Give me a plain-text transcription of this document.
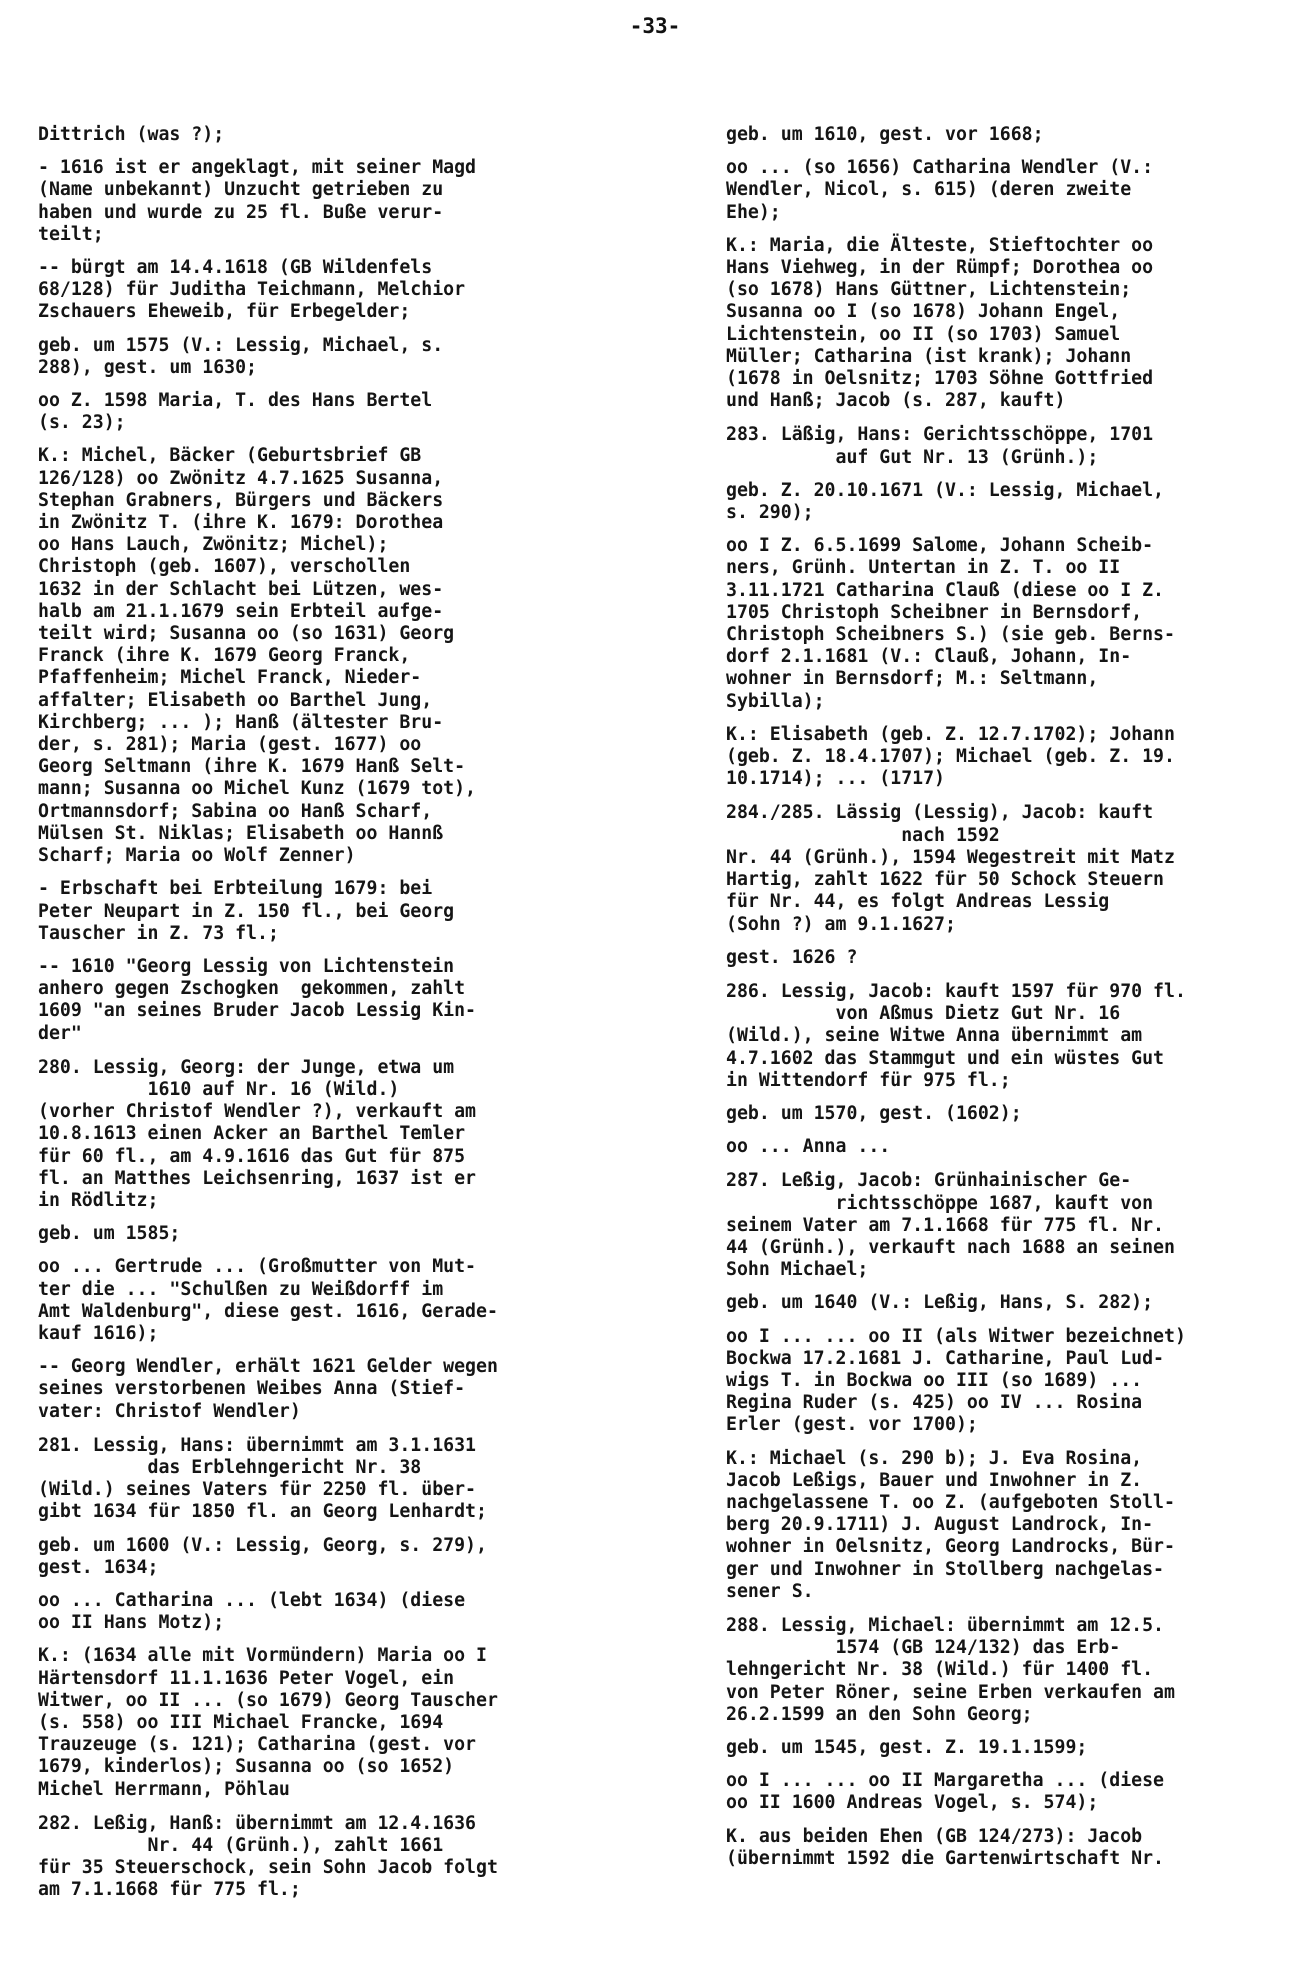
-33-

Dittrich (was ?);

- 1616 ist er angeklagt, mit seiner Magd
(Name unbekannt) Unzucht getrieben zu
haben und wurde zu 25 fl. Buße verur-
teilt;

-- bürgt am 14.4.1618 (GB Wildenfels
68/128) für Juditha Teichmann, Melchior
Zschauers Eheweib, für Erbegelder;

geb. um 1575 (V.: Lessig, Michael, s.
288), gest. um 1630;

oo Z. 1598 Maria, T. des Hans Bertel
(s. 23);

K.: Michel, Bäcker (Geburtsbrief GB
126/128) oo Zwönitz 4.7.1625 Susanna,
Stephan Grabners, Bürgers und Bäckers
in Zwönitz T. (ihre K. 1679: Dorothea
oo Hans Lauch, Zwönitz; Michel);
Christoph (geb. 1607), verschollen
1632 in der Schlacht bei Lützen, wes-
halb am 21.1.1679 sein Erbteil aufge-
teilt wird; Susanna oo (so 1631) Georg
Franck (ihre K. 1679 Georg Franck,
Pfaffenheim; Michel Franck, Nieder-
affalter; Elisabeth oo Barthel Jung,
Kirchberg; ... ); Hanß (ältester Bru-
der, s. 281); Maria (gest. 1677) oo
Georg Seltmann (ihre K. 1679 Hanß Selt-
mann; Susanna oo Michel Kunz (1679 tot),
Ortmannsdorf; Sabina oo Hanß Scharf,
Mülsen St. Niklas; Elisabeth oo Hannß
Scharf; Maria oo Wolf Zenner)

- Erbschaft bei Erbteilung 1679: bei
Peter Neupart in Z. 150 fl., bei Georg
Tauscher in Z. 73 fl.;

-- 1610 "Georg Lessig von Lichtenstein
anhero gegen Zschogken  gekommen, zahlt
1609 "an seines Bruder Jacob Lessig Kin-
der"

280. Lessig, Georg: der Junge, etwa um
1610 auf Nr. 16 (Wild.)
(vorher Christof Wendler ?), verkauft am
10.8.1613 einen Acker an Barthel Temler
für 60 fl., am 4.9.1616 das Gut für 875
fl. an Matthes Leichsenring, 1637 ist er
in Rödlitz;

geb. um 1585;

oo ... Gertrude ... (Großmutter von Mut-
ter die ... "Schulßen zu Weißdorff im
Amt Waldenburg", diese gest. 1616, Gerade-
kauf 1616);

-- Georg Wendler, erhält 1621 Gelder wegen
seines verstorbenen Weibes Anna (Stief-
vater: Christof Wendler)

281. Lessig, Hans: übernimmt am 3.1.1631
das Erblehngericht Nr. 38
(Wild.) seines Vaters für 2250 fl. über-
gibt 1634 für 1850 fl. an Georg Lenhardt;

geb. um 1600 (V.: Lessig, Georg, s. 279),
gest. 1634;

oo ... Catharina ... (lebt 1634) (diese
oo II Hans Motz);

K.: (1634 alle mit Vormündern) Maria oo I
Härtensdorf 11.1.1636 Peter Vogel, ein
Witwer, oo II ... (so 1679) Georg Tauscher
(s. 558) oo III Michael Francke, 1694
Trauzeuge (s. 121); Catharina (gest. vor
1679, kinderlos); Susanna oo (so 1652)
Michel Herrmann, Pöhlau

282. Leßig, Hanß: übernimmt am 12.4.1636
Nr. 44 (Grünh.), zahlt 1661
für 35 Steuerschock, sein Sohn Jacob folgt
am 7.1.1668 für 775 fl.;

geb. um 1610, gest. vor 1668;

oo ... (so 1656) Catharina Wendler (V.:
Wendler, Nicol, s. 615) (deren zweite
Ehe);

K.: Maria, die Älteste, Stieftochter oo
Hans Viehweg, in der Rümpf; Dorothea oo
(so 1678) Hans Güttner, Lichtenstein;
Susanna oo I (so 1678) Johann Engel,
Lichtenstein, oo II (so 1703) Samuel
Müller; Catharina (ist krank); Johann
(1678 in Oelsnitz; 1703 Söhne Gottfried
und Hanß; Jacob (s. 287, kauft)

283. Läßig, Hans: Gerichtsschöppe, 1701
auf Gut Nr. 13 (Grünh.);

geb. Z. 20.10.1671 (V.: Lessig, Michael,
s. 290);

oo I Z. 6.5.1699 Salome, Johann Scheib-
ners, Grünh. Untertan in Z. T. oo II
3.11.1721 Catharina Clauß (diese oo I Z.
1705 Christoph Scheibner in Bernsdorf,
Christoph Scheibners S.) (sie geb. Berns-
dorf 2.1.1681 (V.: Clauß, Johann, In-
wohner in Bernsdorf; M.: Seltmann,
Sybilla);

K.: Elisabeth (geb. Z. 12.7.1702); Johann
(geb. Z. 18.4.1707); Michael (geb. Z. 19.
10.1714); ... (1717)

284./285. Lässig (Lessig), Jacob: kauft
nach 1592
Nr. 44 (Grünh.), 1594 Wegestreit mit Matz
Hartig, zahlt 1622 für 50 Schock Steuern
für Nr. 44, es folgt Andreas Lessig
(Sohn ?) am 9.1.1627;

gest. 1626 ?

286. Lessig, Jacob: kauft 1597 für 970 fl.
von Aßmus Dietz Gut Nr. 16
(Wild.), seine Witwe Anna übernimmt am
4.7.1602 das Stammgut und ein wüstes Gut
in Wittendorf für 975 fl.;

geb. um 1570, gest. (1602);

oo ... Anna ...

287. Leßig, Jacob: Grünhainischer Ge-
richtsschöppe 1687, kauft von
seinem Vater am 7.1.1668 für 775 fl. Nr.
44 (Grünh.), verkauft nach 1688 an seinen
Sohn Michael;

geb. um 1640 (V.: Leßig, Hans, S. 282);

oo I ... ... oo II (als Witwer bezeichnet)
Bockwa 17.2.1681 J. Catharine, Paul Lud-
wigs T. in Bockwa oo III (so 1689) ...
Regina Ruder (s. 425) oo IV ... Rosina
Erler (gest. vor 1700);

K.: Michael (s. 290 b); J. Eva Rosina,
Jacob Leßigs, Bauer und Inwohner in Z.
nachgelassene T. oo Z. (aufgeboten Stoll-
berg 20.9.1711) J. August Landrock, In-
wohner in Oelsnitz, Georg Landrocks, Bür-
ger und Inwohner in Stollberg nachgelas-
sener S.

288. Lessig, Michael: übernimmt am 12.5.
1574 (GB 124/132) das Erb-
lehngericht Nr. 38 (Wild.) für 1400 fl.
von Peter Röner, seine Erben verkaufen am
26.2.1599 an den Sohn Georg;

geb. um 1545, gest. Z. 19.1.1599;

oo I ... ... oo II Margaretha ... (diese
oo II 1600 Andreas Vogel, s. 574);

K. aus beiden Ehen (GB 124/273): Jacob
(übernimmt 1592 die Gartenwirtschaft Nr.
